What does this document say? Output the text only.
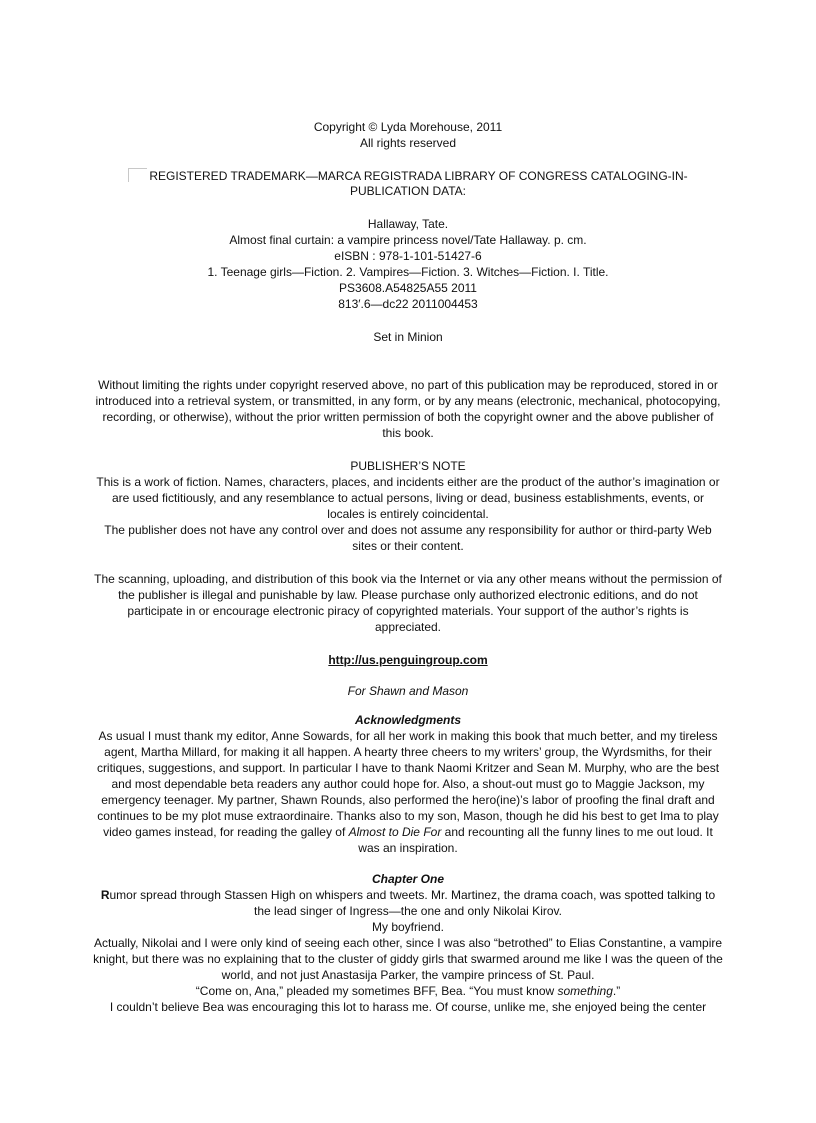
Copyright © Lyda Morehouse, 2011
All rights reserved
REGISTERED TRADEMARK—MARCA REGISTRADA LIBRARY OF CONGRESS CATALOGING-IN-
PUBLICATION DATA:
Hallaway, Tate.
Almost final curtain: a vampire princess novel/Tate Hallaway. p. cm.
eISBN : 978-1-101-51427-6
1. Teenage girls—Fiction. 2. Vampires—Fiction. 3. Witches—Fiction. I. Title.
PS3608.A54825A55 2011
813′.6—dc22 2011004453
Set in Minion
Without limiting the rights under copyright reserved above, no part of this publication may be reproduced, stored in or introduced into a retrieval system, or transmitted, in any form, or by any means (electronic, mechanical, photocopying, recording, or otherwise), without the prior written permission of both the copyright owner and the above publisher of this book.
PUBLISHER’S NOTE
This is a work of fiction. Names, characters, places, and incidents either are the product of the author’s imagination or are used fictitiously, and any resemblance to actual persons, living or dead, business establishments, events, or locales is entirely coincidental.
The publisher does not have any control over and does not assume any responsibility for author or third-party Web sites or their content.
The scanning, uploading, and distribution of this book via the Internet or via any other means without the permission of the publisher is illegal and punishable by law. Please purchase only authorized electronic editions, and do not participate in or encourage electronic piracy of copyrighted materials. Your support of the author’s rights is appreciated.
http://us.penguingroup.com
For Shawn and Mason
Acknowledgments
As usual I must thank my editor, Anne Sowards, for all her work in making this book that much better, and my tireless agent, Martha Millard, for making it all happen. A hearty three cheers to my writers’ group, the Wyrdsmiths, for their critiques, suggestions, and support. In particular I have to thank Naomi Kritzer and Sean M. Murphy, who are the best and most dependable beta readers any author could hope for. Also, a shout-out must go to Maggie Jackson, my emergency teenager. My partner, Shawn Rounds, also performed the hero(ine)’s labor of proofing the final draft and continues to be my plot muse extraordinaire. Thanks also to my son, Mason, though he did his best to get Ima to play video games instead, for reading the galley of Almost to Die For and recounting all the funny lines to me out loud. It was an inspiration.
Chapter One
Rumor spread through Stassen High on whispers and tweets. Mr. Martinez, the drama coach, was spotted talking to the lead singer of Ingress—the one and only Nikolai Kirov.
My boyfriend.
Actually, Nikolai and I were only kind of seeing each other, since I was also “betrothed” to Elias Constantine, a vampire knight, but there was no explaining that to the cluster of giddy girls that swarmed around me like I was the queen of the world, and not just Anastasija Parker, the vampire princess of St. Paul.
“Come on, Ana,” pleaded my sometimes BFF, Bea. “You must know something.”
I couldn’t believe Bea was encouraging this lot to harass me. Of course, unlike me, she enjoyed being the center
